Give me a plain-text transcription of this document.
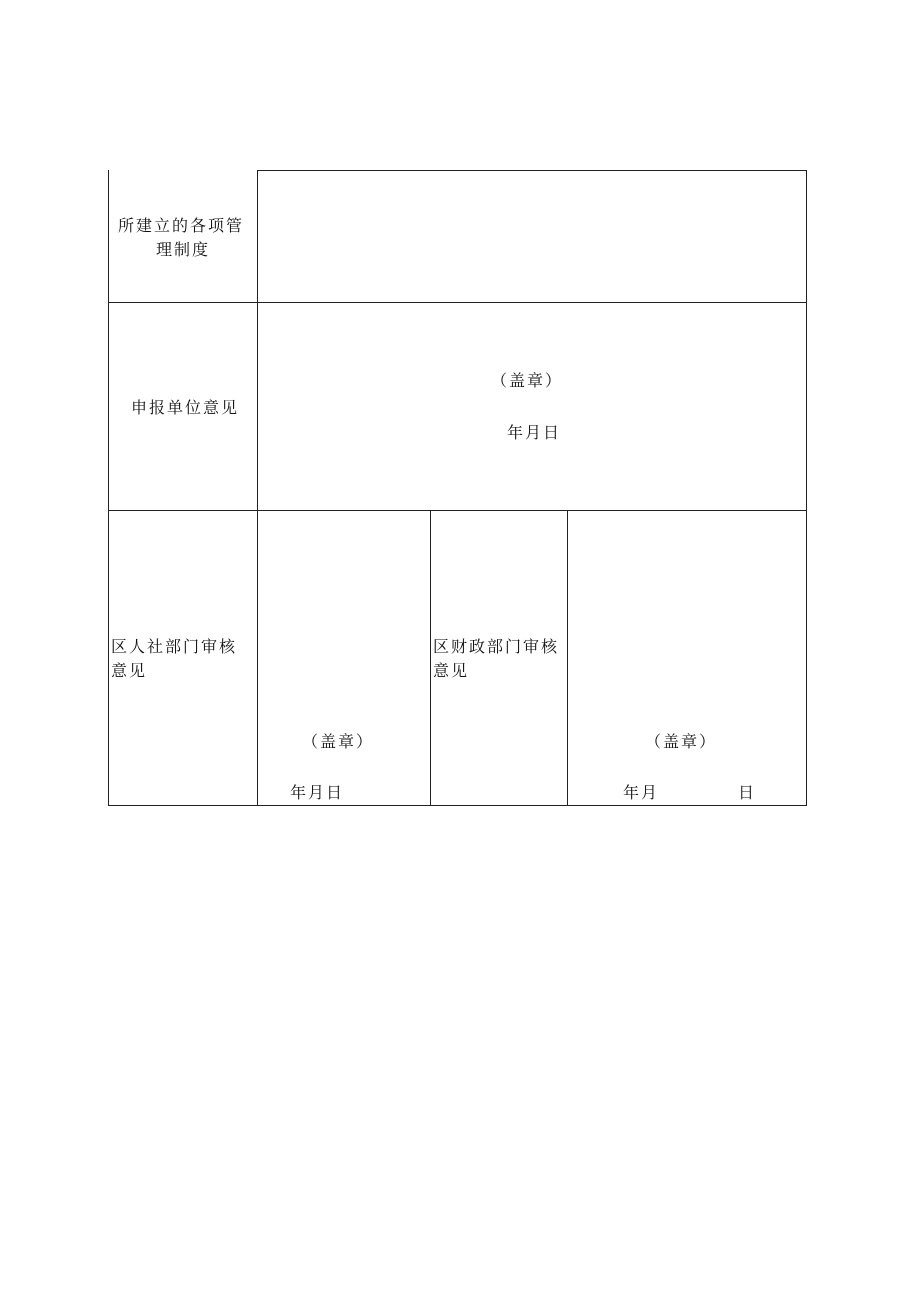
所建立的各项管
理制度
申报单位意见
（盖章）
年月日
区人社部门审核
意见
（盖章）
年月日
区财政部门审核
意见
（盖章）
年月	日
